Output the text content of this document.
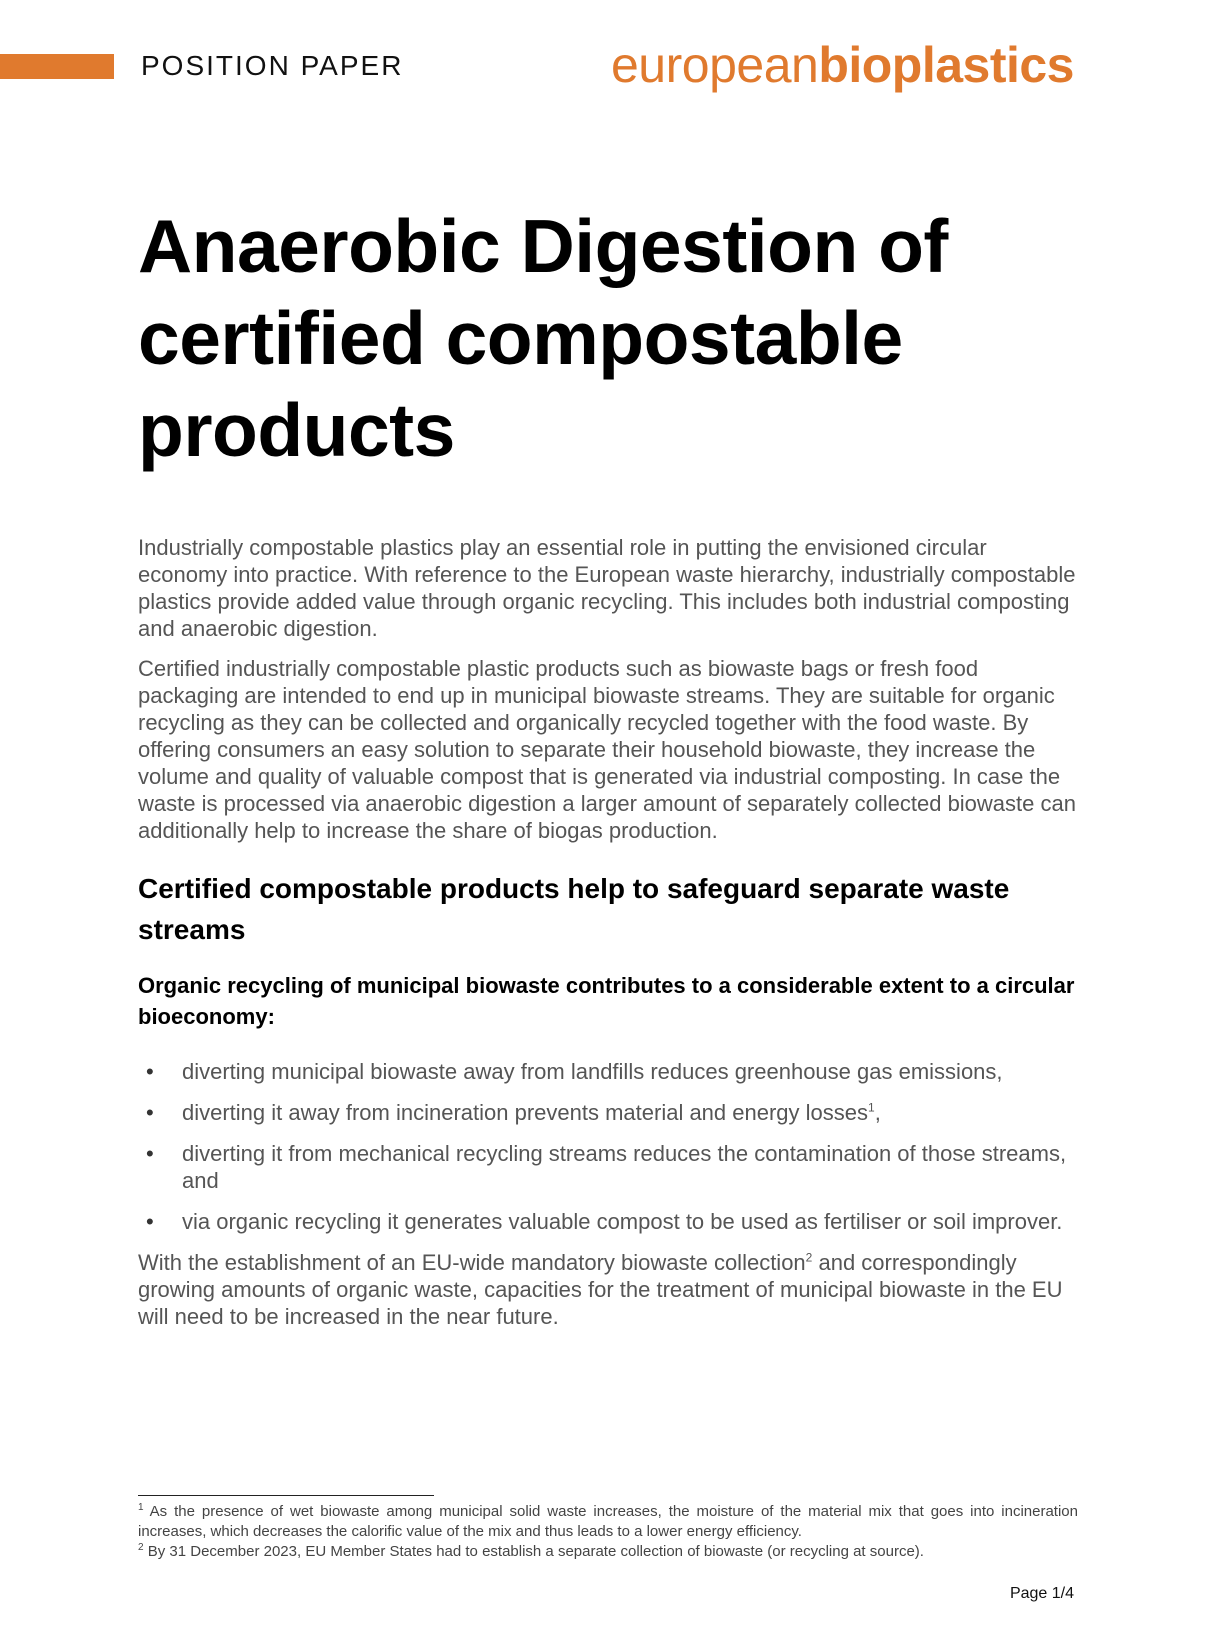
POSITION PAPER	europeanbioplastics
Anaerobic Digestion of certified compostable products

Industrially compostable plastics play an essential role in putting the envisioned circular economy into practice. With reference to the European waste hierarchy, industrially compostable plastics provide added value through organic recycling. This includes both industrial composting and anaerobic digestion.

Certified industrially compostable plastic products such as biowaste bags or fresh food packaging are intended to end up in municipal biowaste streams. They are suitable for organic recycling as they can be collected and organically recycled together with the food waste. By offering consumers an easy solution to separate their household biowaste, they increase the volume and quality of valuable compost that is generated via industrial composting. In case the waste is processed via anaerobic digestion a larger amount of separately collected biowaste can additionally help to increase the share of biogas production.

Certified compostable products help to safeguard separate waste streams
Organic recycling of municipal biowaste contributes to a considerable extent to a circular bioeconomy:
• diverting municipal biowaste away from landfills reduces greenhouse gas emissions,
• diverting it away from incineration prevents material and energy losses$^1$,
• diverting it from mechanical recycling streams reduces the contamination of those streams, and
• via organic recycling it generates valuable compost to be used as fertiliser or soil improver.

With the establishment of an EU-wide mandatory biowaste collection$^2$ and correspondingly growing amounts of organic waste, capacities for the treatment of municipal biowaste in the EU will need to be increased in the near future.

$^1$ As the presence of wet biowaste among municipal solid waste increases, the moisture of the material mix that goes into incineration increases, which decreases the calorific value of the mix and thus leads to a lower energy efficiency.

$^2$ By 31 December 2023, EU Member States had to establish a separate collection of biowaste (or recycling at source).

Page 1/4
